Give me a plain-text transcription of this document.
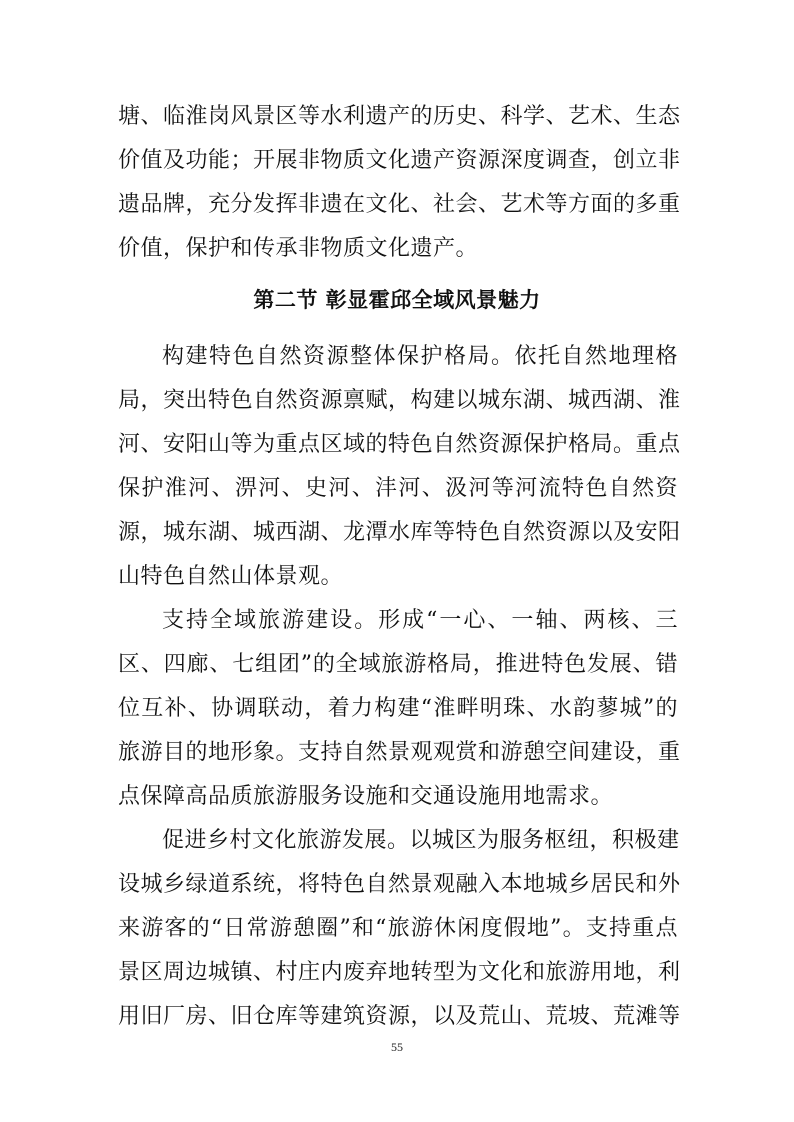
塘、临淮岗风景区等水利遗产的历史、科学、艺术、生态
价值及功能；开展非物质文化遗产资源深度调查，创立非
遗品牌，充分发挥非遗在文化、社会、艺术等方面的多重
价值，保护和传承非物质文化遗产。
第二节 彰显霍邱全域风景魅力
构建特色自然资源整体保护格局。依托自然地理格
局，突出特色自然资源禀赋，构建以城东湖、城西湖、淮
河、安阳山等为重点区域的特色自然资源保护格局。重点
保护淮河、淠河、史河、沣河、汲河等河流特色自然资
源，城东湖、城西湖、龙潭水库等特色自然资源以及安阳
山特色自然山体景观。
支持全域旅游建设。形成“一心、一轴、两核、三
区、四廊、七组团”的全域旅游格局，推进特色发展、错
位互补、协调联动，着力构建“淮畔明珠、水韵蓼城”的
旅游目的地形象。支持自然景观观赏和游憩空间建设，重
点保障高品质旅游服务设施和交通设施用地需求。
促进乡村文化旅游发展。以城区为服务枢纽，积极建
设城乡绿道系统，将特色自然景观融入本地城乡居民和外
来游客的“日常游憩圈”和“旅游休闲度假地”。支持重点
景区周边城镇、村庄内废弃地转型为文化和旅游用地，利
用旧厂房、旧仓库等建筑资源，以及荒山、荒坡、荒滩等
55
